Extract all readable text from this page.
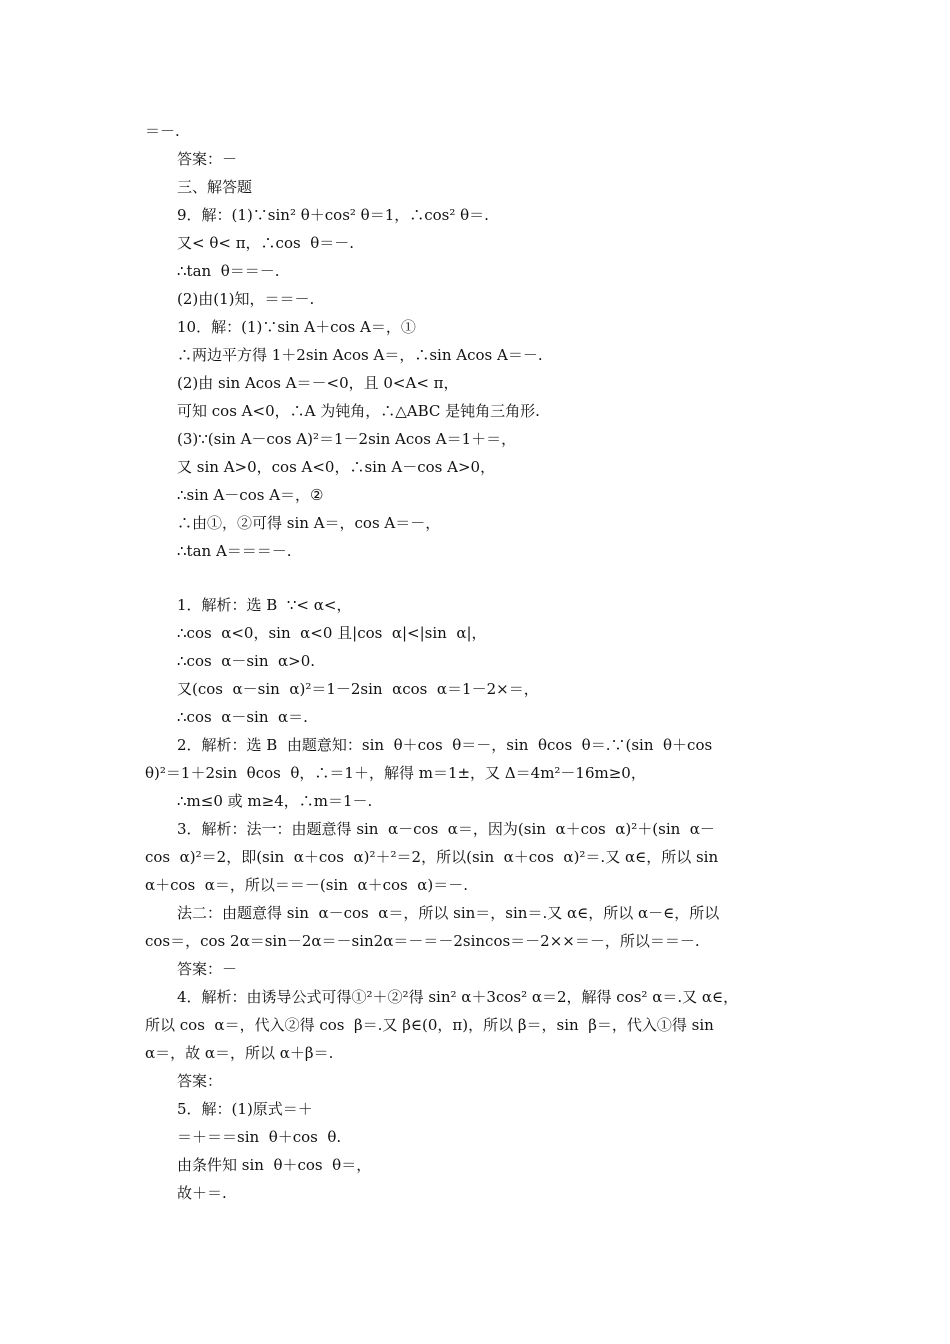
＝－.
答案：－
三、解答题
9．解：(1)∵sin² θ＋cos² θ＝1，∴cos² θ＝.
又< θ< π，∴cos  θ＝－.
∴tan  θ＝＝－.
(2)由(1)知，＝＝－.
10．解：(1)∵sin A＋cos A＝，①
∴两边平方得 1＋2sin Acos A＝，∴sin Acos A＝－.
(2)由 sin Acos A＝－<0，且 0<A< π，
可知 cos A<0，∴A 为钝角，∴△ABC 是钝角三角形.
(3)∵(sin A－cos A)²＝1－2sin Acos A＝1＋＝，
又 sin A>0，cos A<0，∴sin A－cos A>0，
∴sin A－cos A＝，②
∴由①，②可得 sin A＝，cos A＝－，
∴tan A＝＝＝－.
1．解析：选 B  ∵< α<，
∴cos  α<0，sin  α<0 且|cos  α|<|sin  α|，
∴cos  α－sin  α>0.
又(cos  α－sin  α)²＝1－2sin  αcos  α＝1－2×＝，
∴cos  α－sin  α＝.
2．解析：选 B  由题意知：sin  θ＋cos  θ＝－，sin  θcos  θ＝.∵(sin  θ＋cos
θ)²＝1＋2sin  θcos  θ，∴＝1＋，解得 m＝1±，又 Δ＝4m²－16m≥0，
∴m≤0 或 m≥4，∴m＝1－.
3．解析：法一：由题意得 sin  α－cos  α＝，因为(sin  α＋cos  α)²＋(sin  α－
cos  α)²＝2，即(sin  α＋cos  α)²＋²＝2，所以(sin  α＋cos  α)²＝.又 α∈，所以 sin
α＋cos  α＝，所以＝＝－(sin  α＋cos  α)＝－.
法二：由题意得 sin  α－cos  α＝，所以 sin＝，sin＝.又 α∈，所以 α－∈，所以
cos＝，cos 2α＝sin－2α＝－sin2α＝－＝－2sincos＝－2××＝－，所以＝＝－.
答案：－
4．解析：由诱导公式可得①²＋②²得 sin² α＋3cos² α＝2，解得 cos² α＝.又 α∈，
所以 cos  α＝，代入②得 cos  β＝.又 β∈(0，π)，所以 β＝，sin  β＝，代入①得 sin
α＝，故 α＝，所以 α＋β＝.
答案：
5．解：(1)原式＝＋
＝＋＝＝sin  θ＋cos  θ.
由条件知 sin  θ＋cos  θ＝，
故＋＝.
